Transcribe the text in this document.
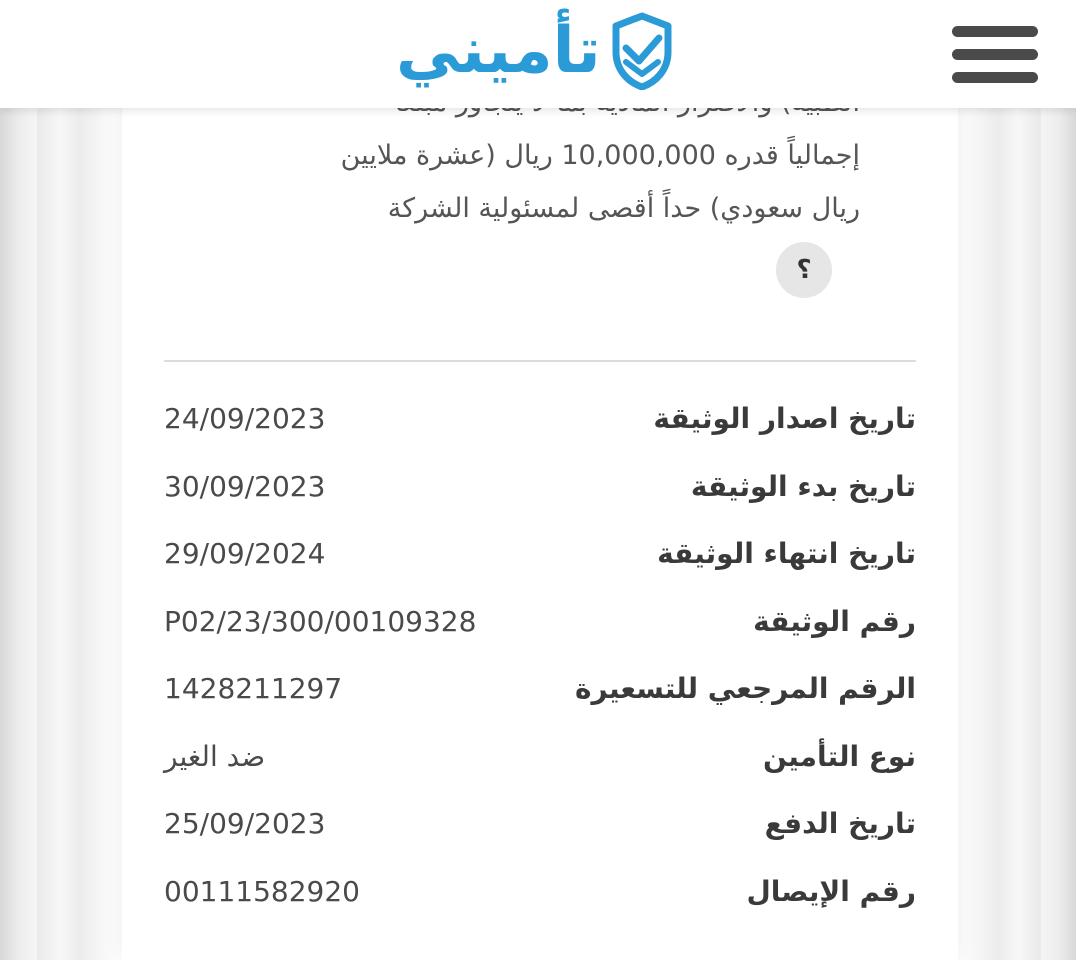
إجمالياً قدره 10,000,000 ريال (عشرة ملايين
ريال سعودي) حداً أقصى لمسئولية الشركة
؟
تاريخ اصدار الوثيقة
24/09/2023
تاريخ بدء الوثيقة
30/09/2023
تاريخ انتهاء الوثيقة
29/09/2024
رقم الوثيقة
P02/23/300/00109328
الرقم المرجعي للتسعيرة
1428211297
نوع التأمين
ضد الغير
تاريخ الدفع
25/09/2023
رقم الإيصال
00111582920
تأميني
